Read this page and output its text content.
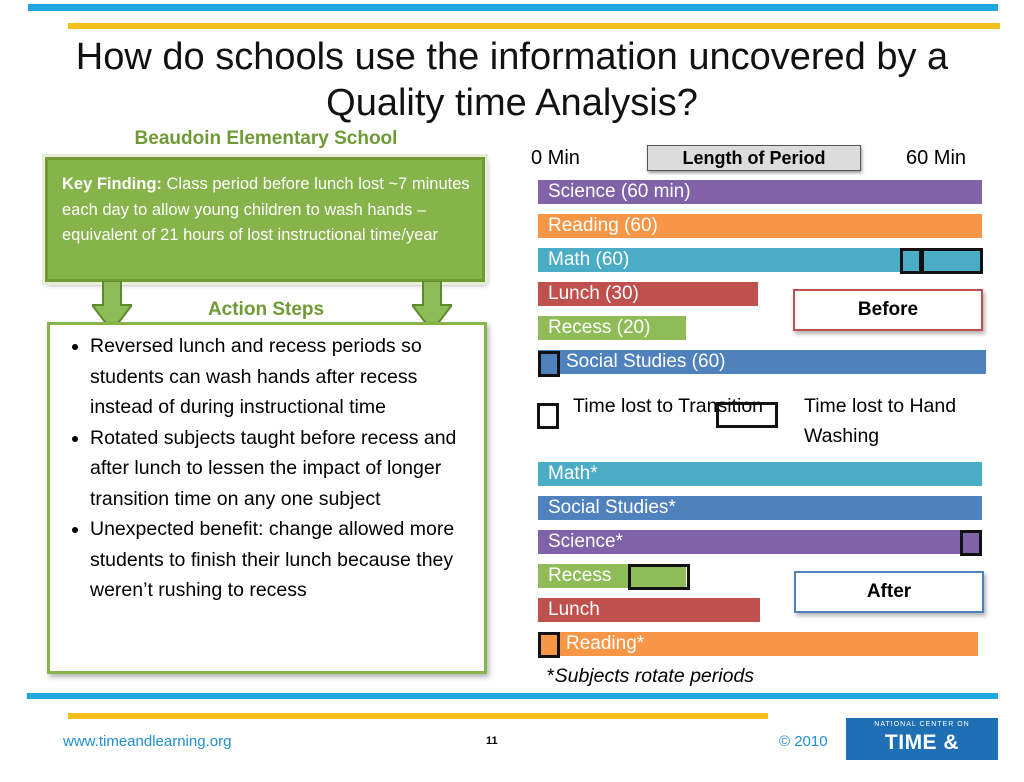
How do schools use the information uncovered by a Quality time Analysis?
Beaudoin Elementary School
Key Finding: Class period before lunch lost ~7 minutes each day to allow young children to wash hands – equivalent of 21 hours of lost instructional time/year
Action Steps
• Reversed lunch and recess periods so students can wash hands after recess instead of during instructional time
• Rotated subjects taught before recess and after lunch to lessen the impact of longer transition time on any one subject
• Unexpected benefit: change allowed more students to finish their lunch because they weren’t rushing to recess
0 Min	Length of Period	60 Min
Science (60 min)
Reading (60)
Math (60)
Lunch (30)
Recess (20)
Social Studies (60)
Before
Time lost to Transition Time lost to Hand Washing
Math*
Social Studies*
Science*
Recess
Lunch
Reading*
After
*Subjects rotate periods
www.timeandlearning.org	11	© 2010
NATIONAL CENTER ON
TIME & LEARNING
